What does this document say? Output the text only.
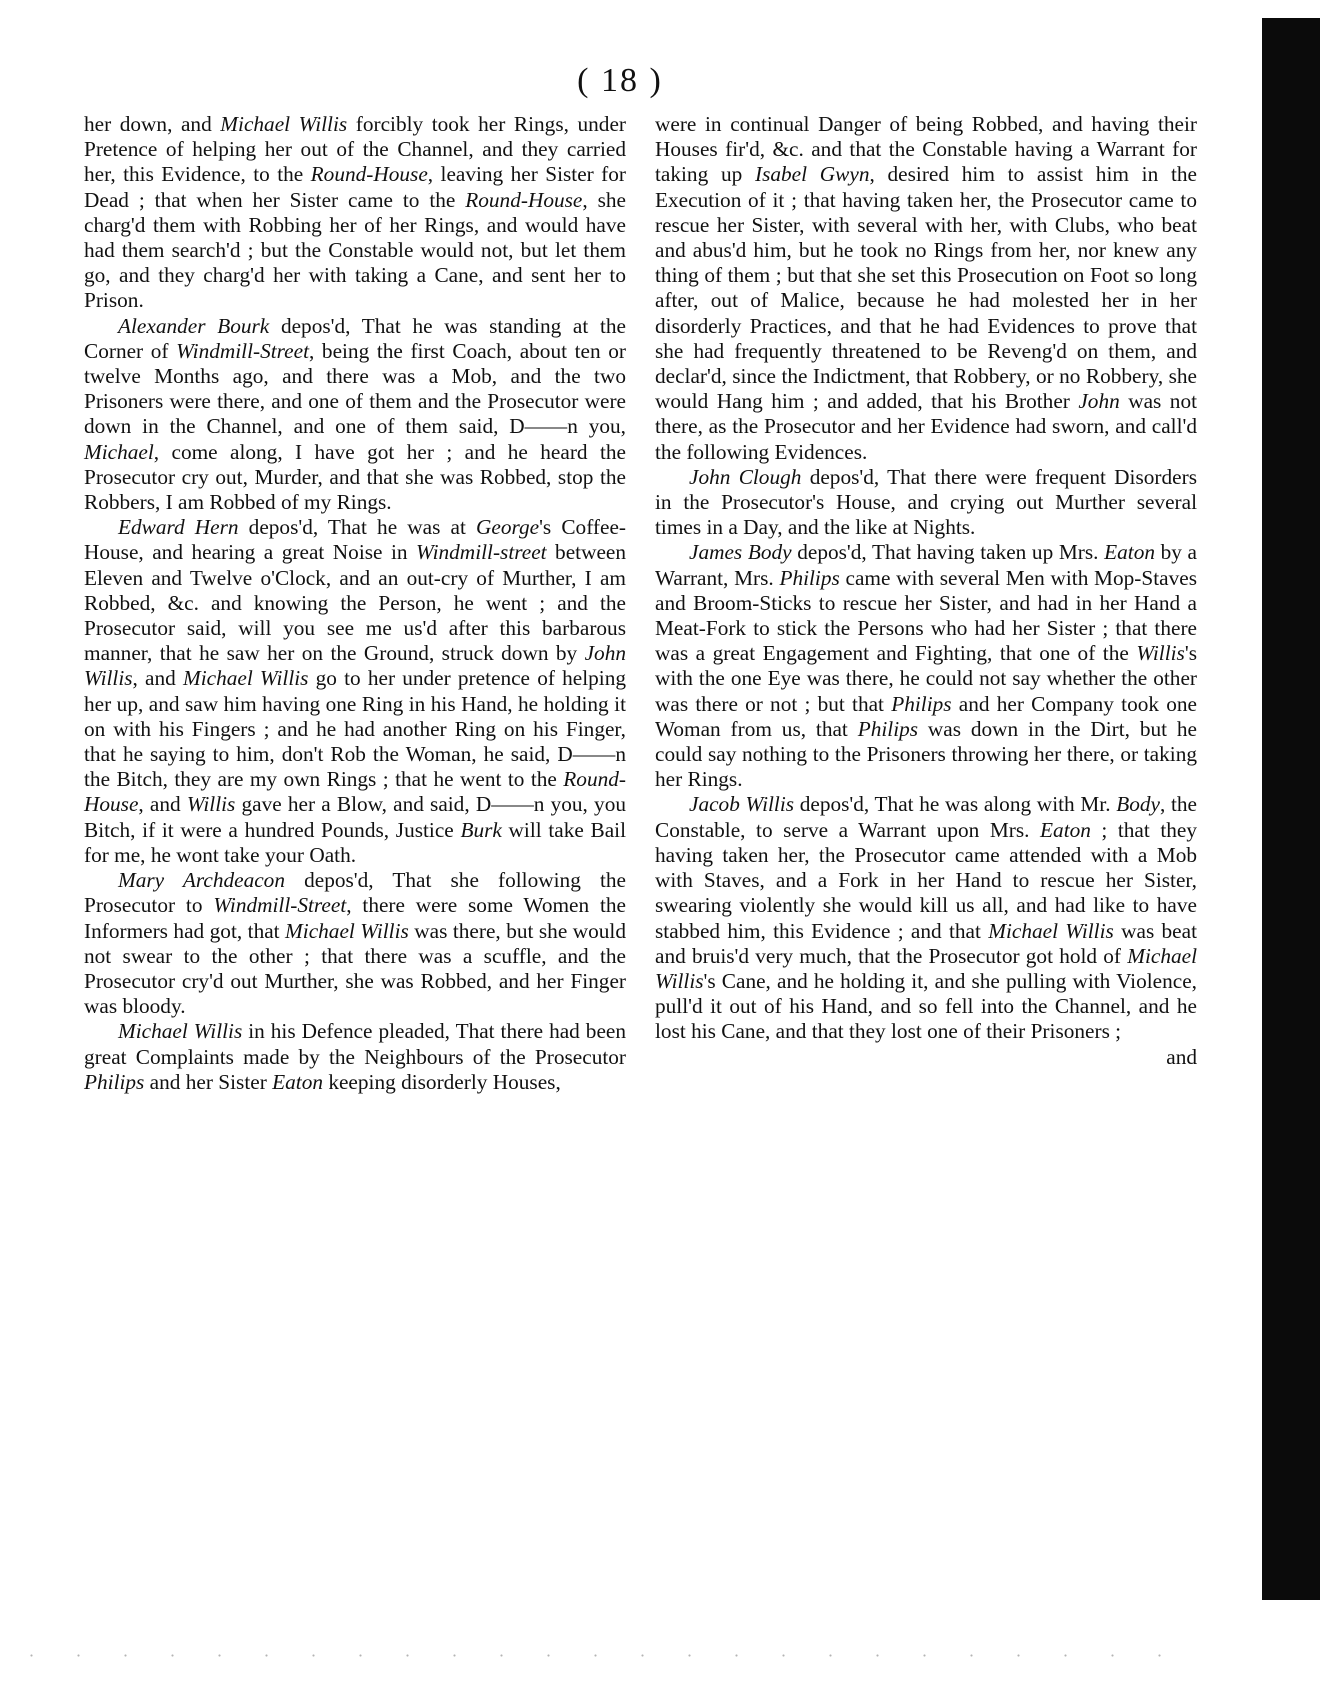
( 18 )

her down, and Michael Willis forcibly took her Rings, under Pretence of helping her out of the Channel, and they carried her, this Evidence, to the Round-House, leaving her Sister for Dead ; that when her Sister came to the Round-House, she charg'd them with Robbing her of her Rings, and would have had them search'd ; but the Constable would not, but let them go, and they charg'd her with taking a Cane, and sent her to Prison.

Alexander Bourk depos'd, That he was standing at the Corner of Windmill-Street, being the first Coach, about ten or twelve Months ago, and there was a Mob, and the two Prisoners were there, and one of them and the Prosecutor were down in the Channel, and one of them said, D——n you, Michael, come along, I have got her ; and he heard the Prosecutor cry out, Murder, and that she was Robbed, stop the Robbers, I am Robbed of my Rings.

Edward Hern depos'd, That he was at George's Coffee-House, and hearing a great Noise in Windmill-street between Eleven and Twelve o'Clock, and an out-cry of Murther, I am Robbed, &c. and knowing the Person, he went ; and the Prosecutor said, will you see me us'd after this barbarous manner, that he saw her on the Ground, struck down by John Willis, and Michael Willis go to her under pretence of helping her up, and saw him having one Ring in his Hand, he holding it on with his Fingers ; and he had another Ring on his Finger, that he saying to him, don't Rob the Woman, he said, D——n the Bitch, they are my own Rings ; that he went to the Round-House, and Willis gave her a Blow, and said, D——n you, you Bitch, if it were a hundred Pounds, Justice Burk will take Bail for me, he wont take your Oath.

Mary Archdeacon depos'd, That she following the Prosecutor to Windmill-Street, there were some Women the Informers had got, that Michael Willis was there, but she would not swear to the other ; that there was a scuffle, and the Prosecutor cry'd out Murther, she was Robbed, and her Finger was bloody.

Michael Willis in his Defence pleaded, That there had been great Complaints made by the Neighbours of the Prosecutor Philips and her Sister Eaton keeping disorderly Houses,

were in continual Danger of being Robbed, and having their Houses fir'd, &c. and that the Constable having a Warrant for taking up Isabel Gwyn, desired him to assist him in the Execution of it ; that having taken her, the Prosecutor came to rescue her Sister, with several with her, with Clubs, who beat and abus'd him, but he took no Rings from her, nor knew any thing of them ; but that she set this Prosecution on Foot so long after, out of Malice, because he had molested her in her disorderly Practices, and that he had Evidences to prove that she had frequently threatened to be Reveng'd on them, and declar'd, since the Indictment, that Robbery, or no Robbery, she would Hang him ; and added, that his Brother John was not there, as the Prosecutor and her Evidence had sworn, and call'd the following Evidences.

John Clough depos'd, That there were frequent Disorders in the Prosecutor's House, and crying out Murther several times in a Day, and the like at Nights.

James Body depos'd, That having taken up Mrs. Eaton by a Warrant, Mrs. Philips came with several Men with Mop-Staves and Broom-Sticks to rescue her Sister, and had in her Hand a Meat-Fork to stick the Persons who had her Sister ; that there was a great Engagement and Fighting, that one of the Willis's with the one Eye was there, he could not say whether the other was there or not ; but that Philips and her Company took one Woman from us, that Philips was down in the Dirt, but he could say nothing to the Prisoners throwing her there, or taking her Rings.

Jacob Willis depos'd, That he was along with Mr. Body, the Constable, to serve a Warrant upon Mrs. Eaton ; that they having taken her, the Prosecutor came attended with a Mob with Staves, and a Fork in her Hand to rescue her Sister, swearing violently she would kill us all, and had like to have stabbed him, this Evidence ; and that Michael Willis was beat and bruis'd very much, that the Prosecutor got hold of Michael Willis's Cane, and he holding it, and she pulling with Violence, pull'd it out of his Hand, and so fell into the Channel, and he lost his Cane, and that they lost one of their Prisoners ;

and
